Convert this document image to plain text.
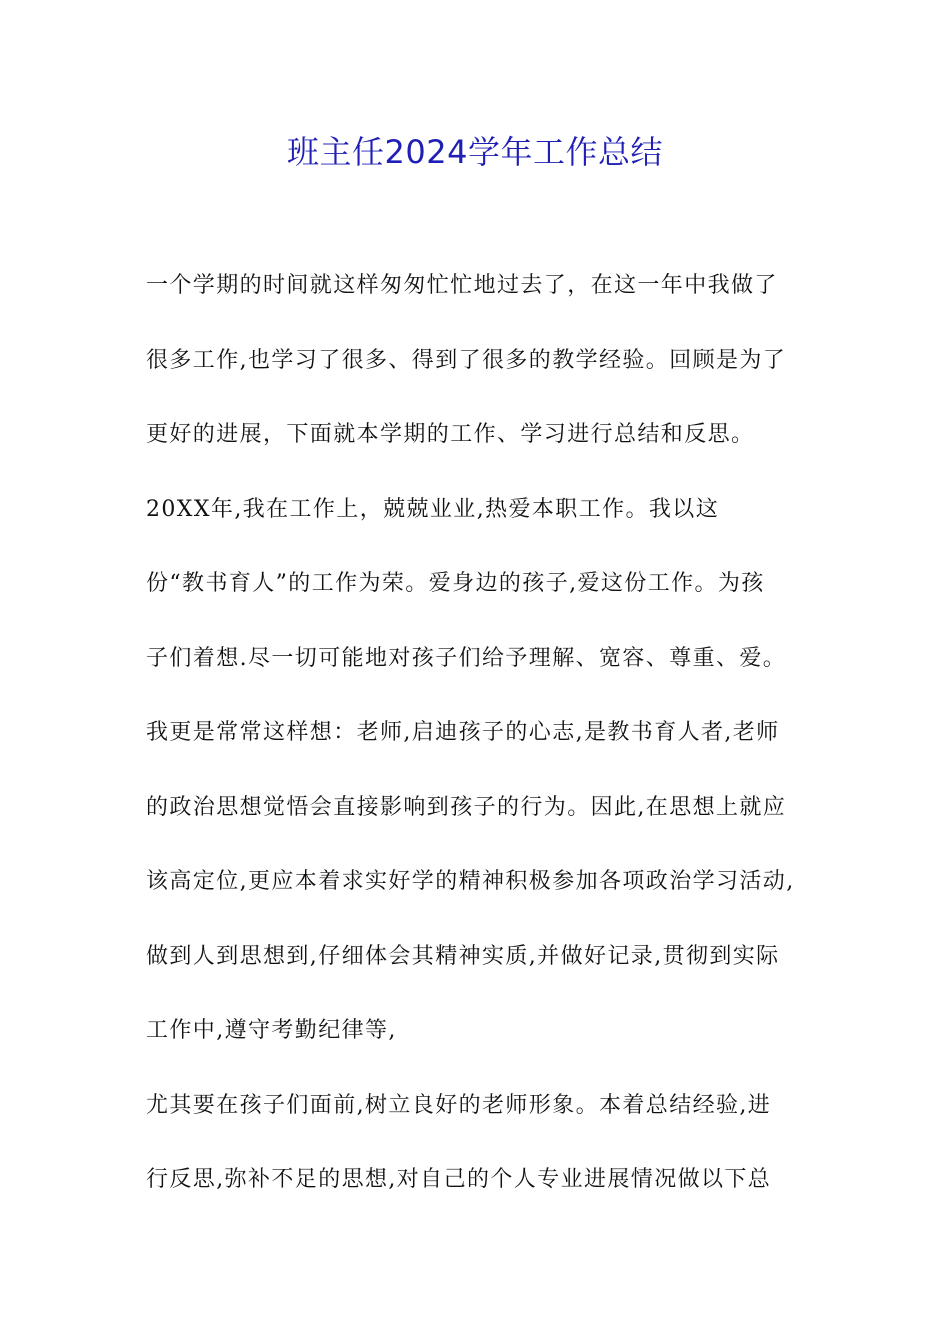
班主任2024学年工作总结
一个学期的时间就这样匆匆忙忙地过去了，在这一年中我做了
很多工作,也学习了很多、得到了很多的教学经验。回顾是为了
更好的进展，下面就本学期的工作、学习进行总结和反思。
20XX年,我在工作上，兢兢业业,热爱本职工作。我以这
份“教书育人”的工作为荣。爱身边的孩子,爱这份工作。为孩
子们着想.尽一切可能地对孩子们给予理解、宽容、尊重、爱。
我更是常常这样想：老师,启迪孩子的心志,是教书育人者,老师
的政治思想觉悟会直接影响到孩子的行为。因此,在思想上就应
该高定位,更应本着求实好学的精神积极参加各项政治学习活动,
做到人到思想到,仔细体会其精神实质,并做好记录,贯彻到实际
工作中,遵守考勤纪律等,
尤其要在孩子们面前,树立良好的老师形象。本着总结经验,进
行反思,弥补不足的思想,对自己的个人专业进展情况做以下总
